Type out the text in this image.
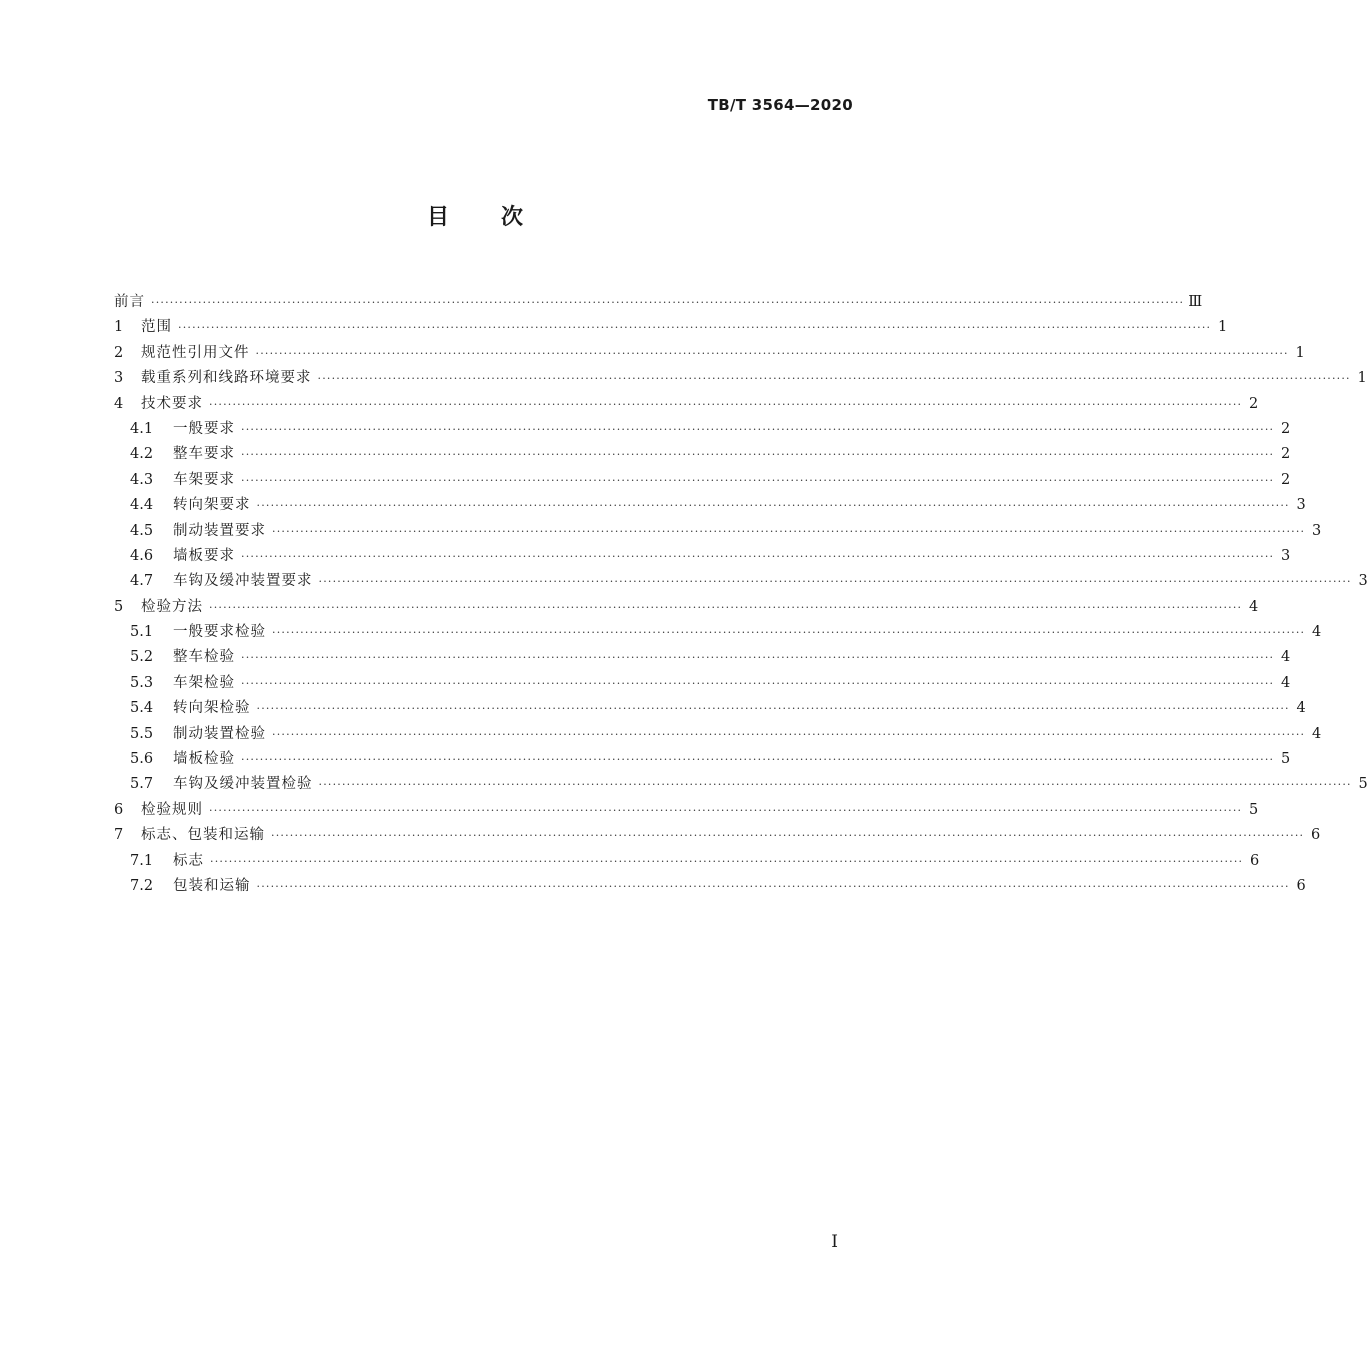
TB/T 3564—2020
目 次
前言 ···························································································································································································································· Ⅲ
1	范围 ···························································································································································································································· 1
2	规范性引用文件 ···························································································································································································································· 1
3	载重系列和线路环境要求 ···························································································································································································································· 1
4	技术要求 ···························································································································································································································· 2
4.1	一般要求 ···························································································································································································································· 2
4.2	整车要求 ···························································································································································································································· 2
4.3	车架要求 ···························································································································································································································· 2
4.4	转向架要求 ···························································································································································································································· 3
4.5	制动装置要求 ···························································································································································································································· 3
4.6	墙板要求 ···························································································································································································································· 3
4.7	车钩及缓冲装置要求 ···························································································································································································································· 3
5	检验方法 ···························································································································································································································· 4
5.1	一般要求检验 ···························································································································································································································· 4
5.2	整车检验 ···························································································································································································································· 4
5.3	车架检验 ···························································································································································································································· 4
5.4	转向架检验 ···························································································································································································································· 4
5.5	制动装置检验 ···························································································································································································································· 4
5.6	墙板检验 ···························································································································································································································· 5
5.7	车钩及缓冲装置检验 ···························································································································································································································· 5
6	检验规则 ···························································································································································································································· 5
7	标志、包装和运输 ···························································································································································································································· 6
7.1	标志 ···························································································································································································································· 6
7.2	包装和运输 ···························································································································································································································· 6
I
